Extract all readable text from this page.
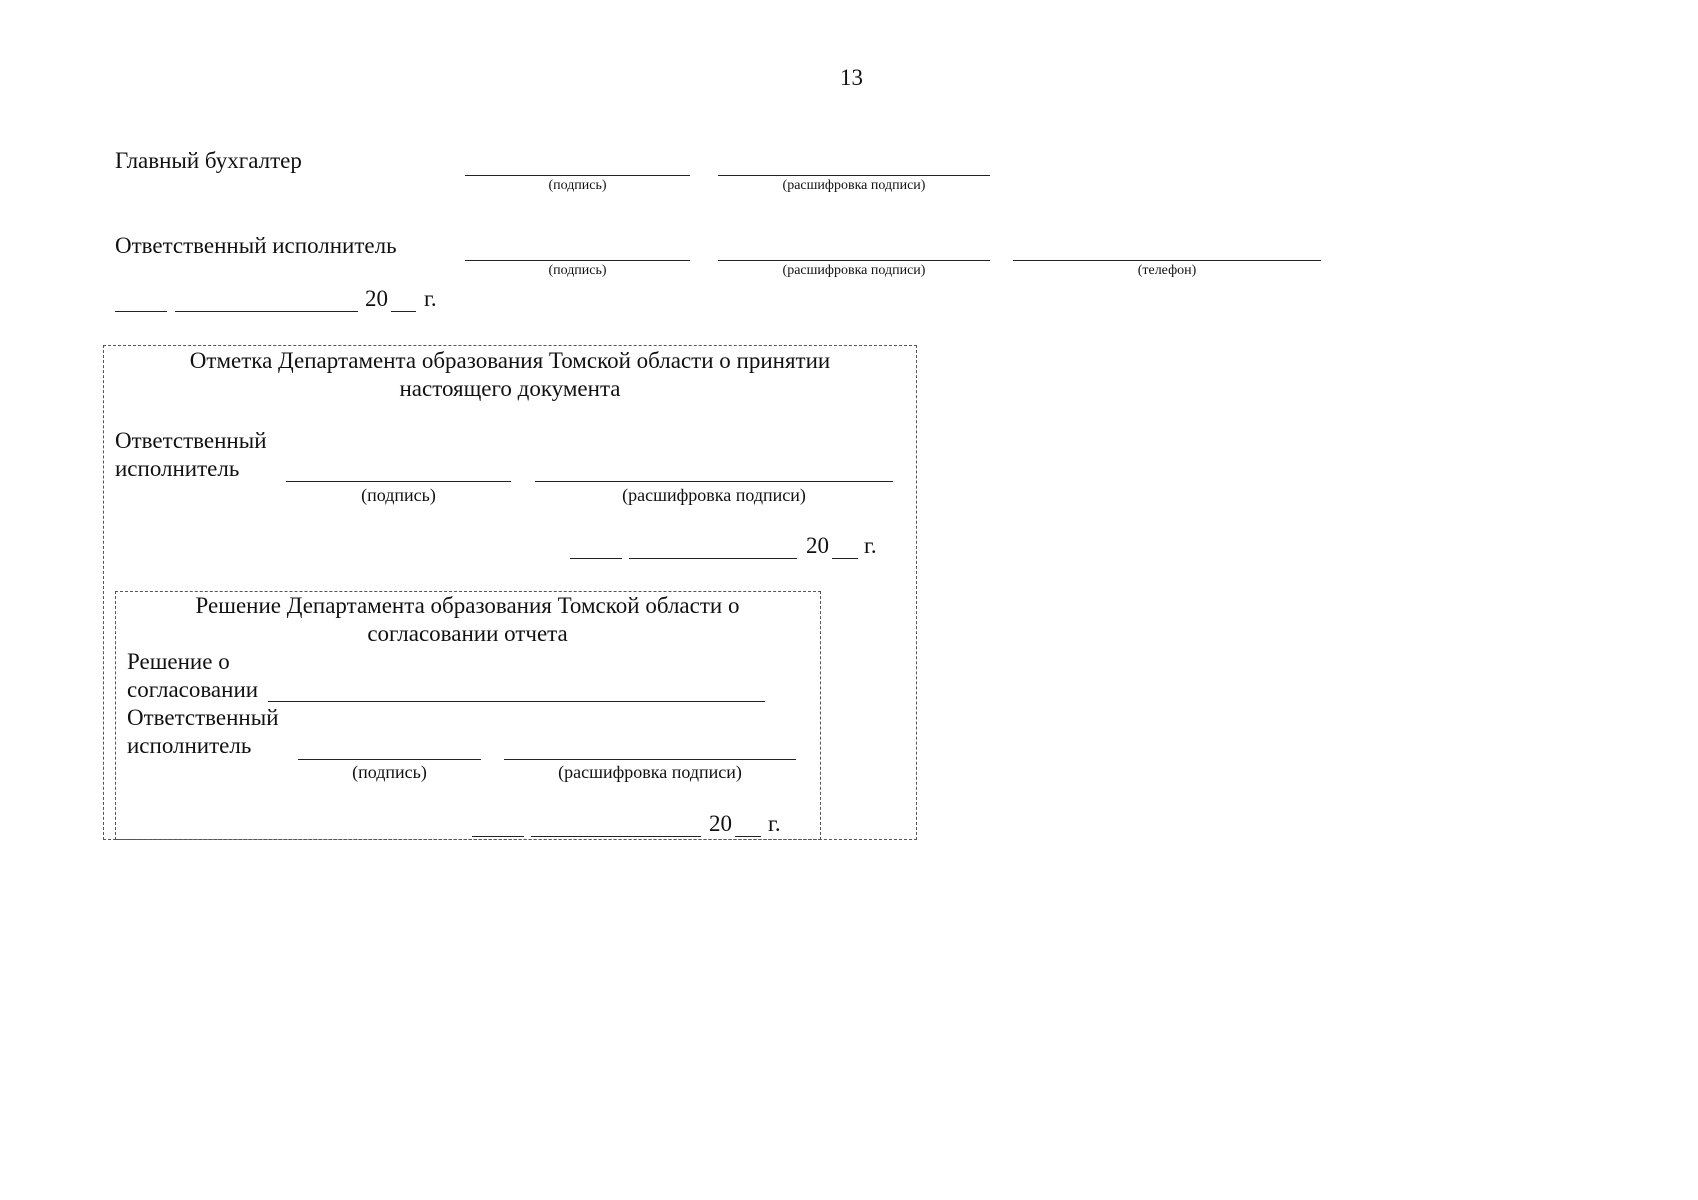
13
Главный бухгалтер
(подпись)	(расшифровка подписи)
Ответственный исполнитель
(подпись)	(расшифровка подписи)	(телефон)
20 г.
Отметка Департамента образования Томской области о принятии настоящего документа
Ответственный
исполнитель
(подпись)	(расшифровка подписи)
20 г.
Решение Департамента образования Томской области о согласовании отчета
Решение о
согласовании
Ответственный
исполнитель
(подпись)	(расшифровка подписи)
20 г.
